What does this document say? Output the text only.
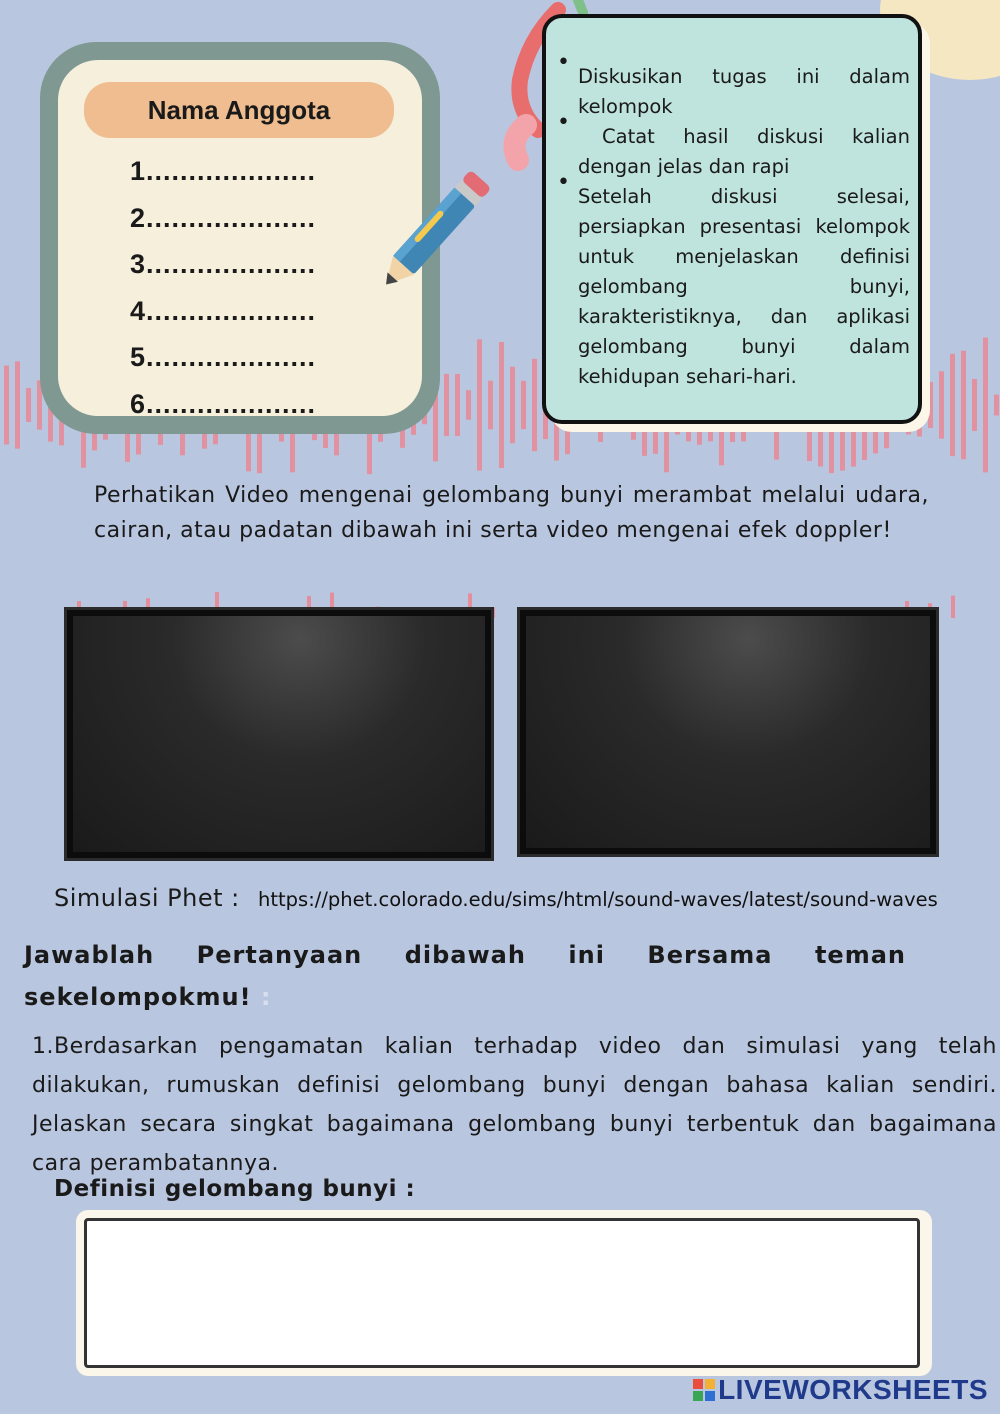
Nama Anggota
1....................
2....................
3....................
4....................
5....................
6....................
•
Diskusikan tugas ini dalam kelompok
•
Catat hasil diskusi kalian dengan jelas dan rapi
•
Setelah diskusi selesai, persiapkan presentasi kelompok untuk menjelaskan definisi gelombang bunyi, karakteristiknya, dan aplikasi gelombang bunyi dalam kehidupan sehari-hari.
Perhatikan Video mengenai gelombang bunyi merambat melalui udara, cairan, atau padatan dibawah ini serta video mengenai efek doppler!
Simulasi Phet : https://phet.colorado.edu/sims/html/sound-waves/latest/sound-waves
Jawablah Pertanyaan dibawah ini Bersama teman sekelompokmu! :
1.Berdasarkan pengamatan kalian terhadap video dan simulasi yang telah dilakukan, rumuskan definisi gelombang bunyi dengan bahasa kalian sendiri. Jelaskan secara singkat bagaimana gelombang bunyi terbentuk dan bagaimana cara perambatannya.
Definisi gelombang bunyi :
LIVEWORKSHEETS
